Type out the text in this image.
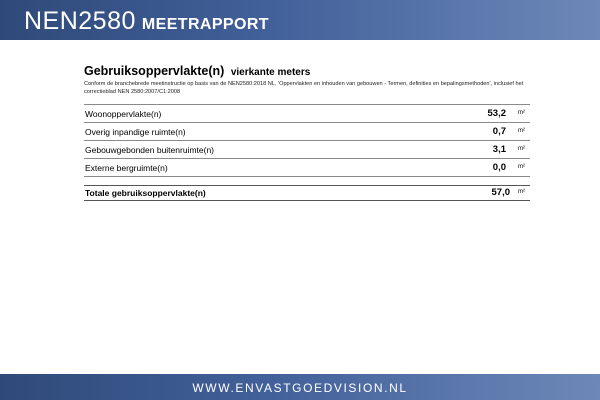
NEN2580 MEETRAPPORT
Gebruiksoppervlakte(n) vierkante meters
Conform de branchebrede meetinstructie op basis van de NEN2580:2018 NL, 'Oppervlakten en inhouden van gebouwen - Termen, definities en bepalingsmethoden', inclusief het correctieblad NEN 2580:2007/C1:2008
Woonoppervlakte(n)	53,2 m²
Overig inpandige ruimte(n)	0,7 m²
Gebouwgebonden buitenruimte(n)	3,1 m²
Externe bergruimte(n)	0,0 m²
Totale gebruiksoppervlakte(n)	57,0 m²
WWW.ENVASTGOEDVISION.NL
